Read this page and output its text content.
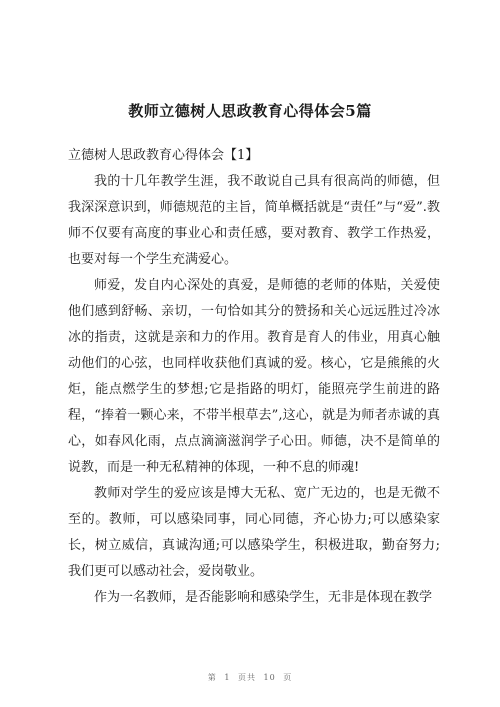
教师立德树人思政教育心得体会5篇

立德树人思政教育心得体会【1】

我的十几年教学生涯，我不敢说自己具有很高尚的师德，但我深深意识到，师德规范的主旨，简单概括就是“责任”与“爱”.教师不仅要有高度的事业心和责任感，要对教育、教学工作热爱，也要对每一个学生充满爱心。

师爱，发自内心深处的真爱，是师德的老师的体贴，关爱使他们感到舒畅、亲切，一句恰如其分的赞扬和关心远远胜过冷冰冰的指责，这就是亲和力的作用。教育是育人的伟业，用真心触动他们的心弦，也同样收获他们真诚的爱。核心，它是熊熊的火炬，能点燃学生的梦想;它是指路的明灯，能照亮学生前进的路程，“捧着一颗心来，不带半根草去”,这心，就是为师者赤诚的真心，如春风化雨，点点滴滴滋润学子心田。师德，决不是简单的说教，而是一种无私精神的体现，一种不息的师魂!

教师对学生的爱应该是博大无私、宽广无边的，也是无微不至的。教师，可以感染同事，同心同德，齐心协力;可以感染家长，树立威信，真诚沟通;可以感染学生，积极进取，勤奋努力;我们更可以感动社会，爱岗敬业。

作为一名教师，是否能影响和感染学生，无非是体现在教学

第 1 页共 10 页
